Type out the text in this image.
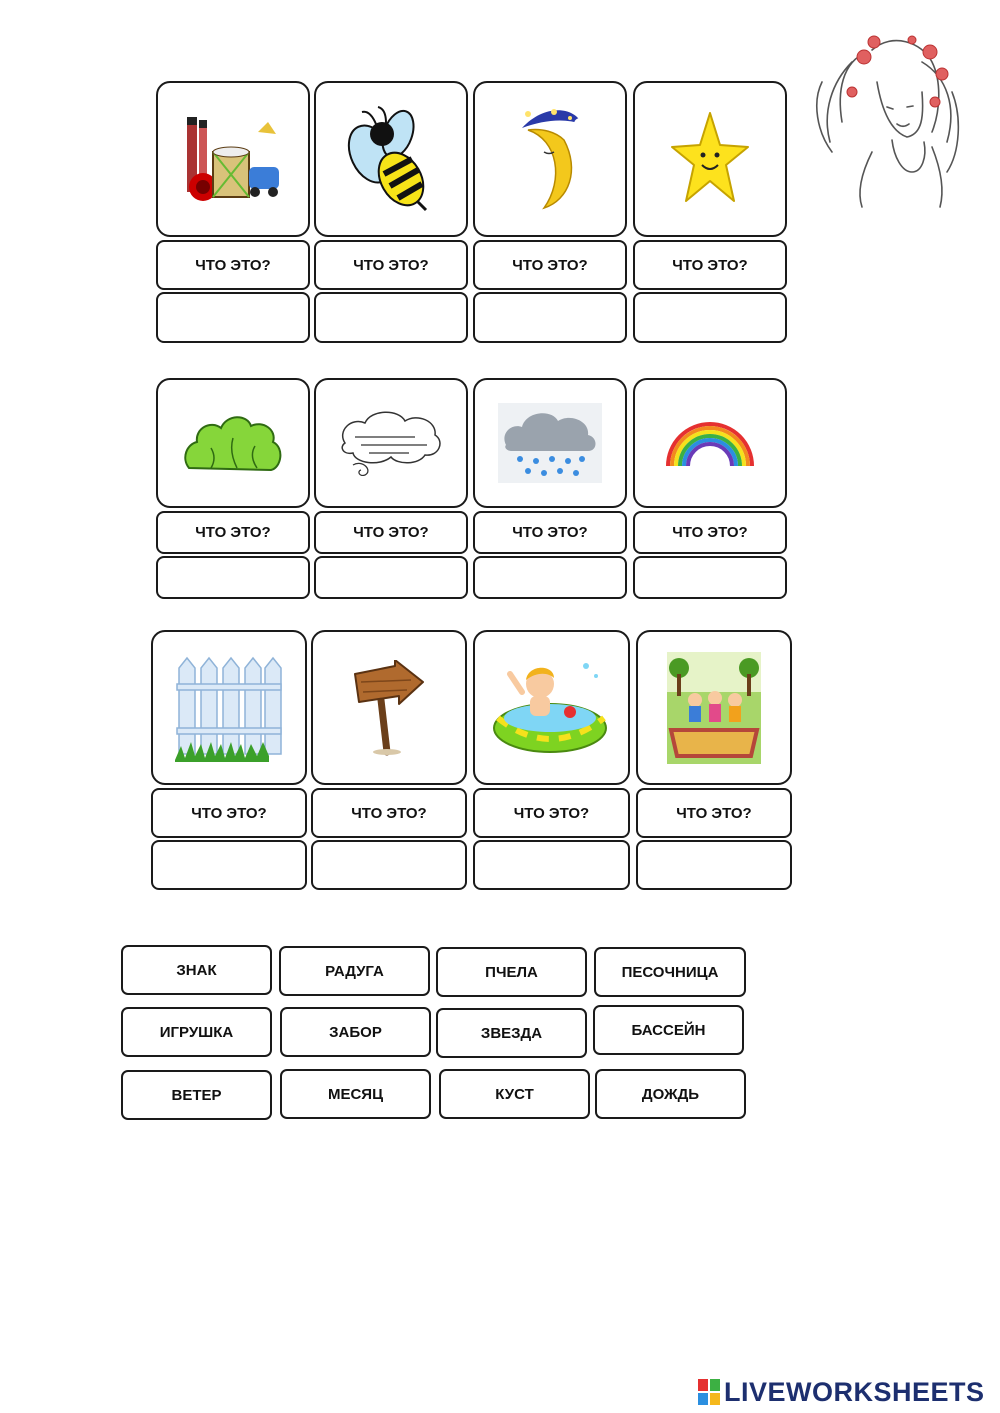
ЧТО ЭТО?	ЧТО ЭТО?	ЧТО ЭТО?	ЧТО ЭТО?
ЧТО ЭТО?	ЧТО ЭТО?	ЧТО ЭТО?	ЧТО ЭТО?
ЧТО ЭТО?	ЧТО ЭТО?	ЧТО ЭТО?	ЧТО ЭТО?
ЗНАК	РАДУГА	ПЧЕЛА	ПЕСОЧНИЦА
ИГРУШКА	ЗАБОР	ЗВЕЗДА	БАССЕЙН
ВЕТЕР	МЕСЯЦ	КУСТ	ДОЖДЬ
LIVEWORKSHEETS
